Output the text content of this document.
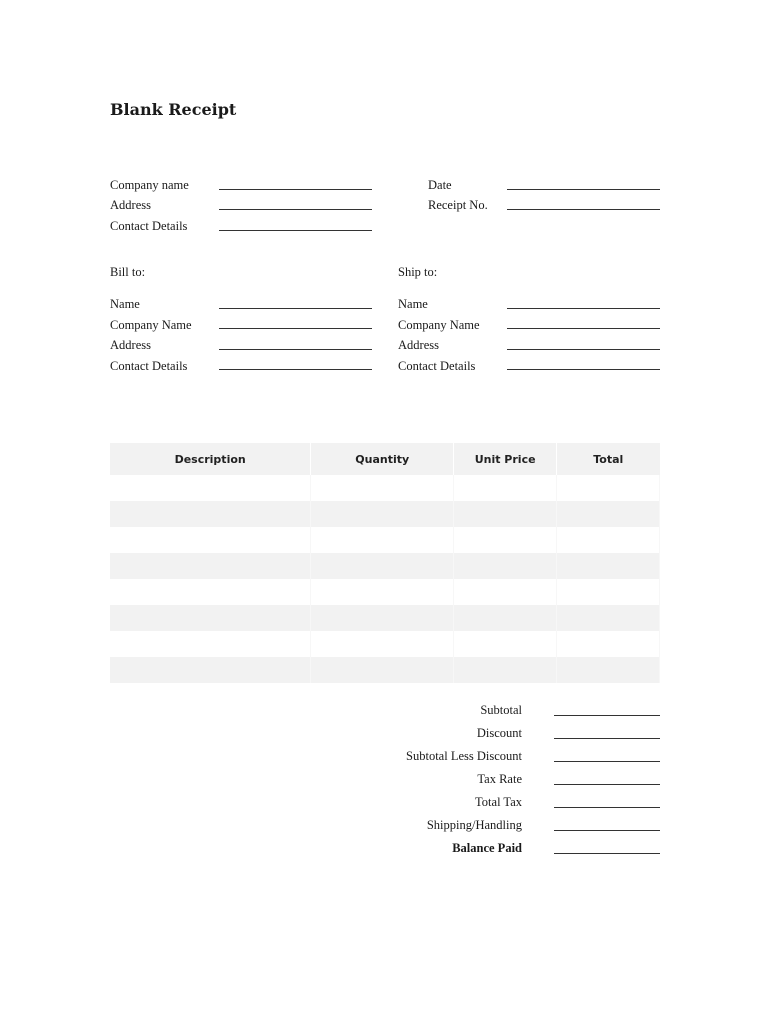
Blank Receipt
Company name
Address
Contact Details
Date
Receipt No.
Bill to:
Name
Company Name
Address
Contact Details
Ship to:
Name
Company Name
Address
Contact Details
Description	Quantity	Unit Price	Total

Subtotal
Discount
Subtotal Less Discount
Tax Rate
Total Tax
Shipping/Handling
Balance Paid
